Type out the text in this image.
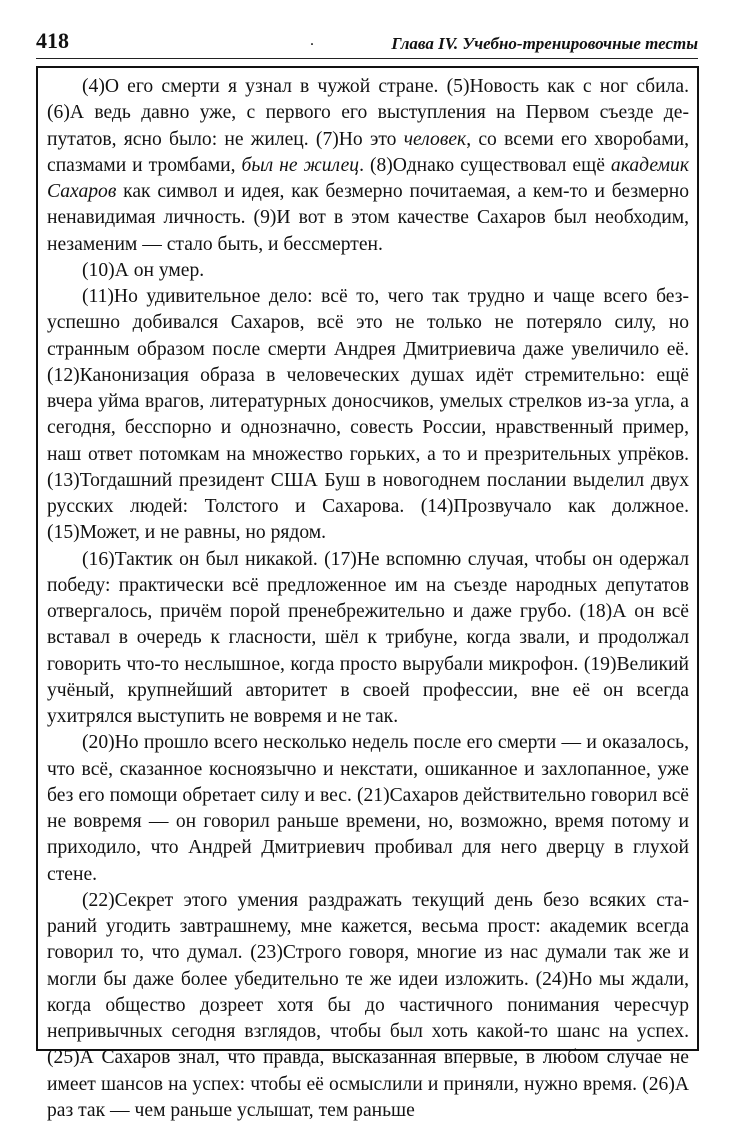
418	.	Глава IV. Учебно-тренировочные тесты

(4)О его смерти я узнал в чужой стране. (5)Новость как с ног сбила. (6)А ведь давно уже, с первого его выступления на Первом съезде депутатов, ясно было: не жилец. (7)Но это человек, со всеми его хворобами, спазмами и тромбами, был не жилец. (8)Однако существовал ещё академик Сахаров как символ и идея, как безмерно почитаемая, а кем-то и безмерно ненавидимая личность. (9)И вот в этом качестве Сахаров был необходим, незаменим — стало быть, и бессмертен.

(10)А он умер.

(11)Но удивительное дело: всё то, чего так трудно и чаще всего безуспешно добивался Сахаров, всё это не только не потеряло силу, но странным образом после смерти Андрея Дмитриевича даже увеличило её. (12)Канонизация образа в человеческих душах идёт стремительно: ещё вчера уйма врагов, литературных доносчиков, умелых стрелков из-за угла, а сегодня, бесспорно и однозначно, совесть России, нравственный пример, наш ответ потомкам на множество горьких, а то и презрительных упрёков. (13)Тогдашний президент США Буш в новогоднем послании выделил двух русских людей: Толстого и Сахарова. (14)Прозвучало как должное. (15)Может, и не равны, но рядом.

(16)Тактик он был никакой. (17)Не вспомню случая, чтобы он одержал победу: практически всё предложенное им на съезде народных депутатов отвергалось, причём порой пренебрежительно и даже грубо. (18)А он всё вставал в очередь к гласности, шёл к трибуне, когда звали, и продолжал говорить что-то неслышное, когда просто вырубали микрофон. (19)Великий учёный, крупнейший авторитет в своей профессии, вне её он всегда ухитрялся выступить не вовремя и не так.

(20)Но прошло всего несколько недель после его смерти — и оказалось, что всё, сказанное косноязычно и некстати, ошиканное и захлопанное, уже без его помощи обретает силу и вес. (21)Сахаров действительно говорил всё не вовремя — он говорил раньше времени, но, возможно, время потому и приходило, что Андрей Дмитриевич пробивал для него дверцу в глухой стене.

(22)Секрет этого умения раздражать текущий день безо всяких стараний угодить завтрашнему, мне кажется, весьма прост: академик всегда говорил то, что думал. (23)Строго говоря, многие из нас думали так же и могли бы даже более убедительно те же идеи изложить. (24)Но мы ждали, когда общество дозреет хотя бы до частичного понимания чересчур непривычных сегодня взглядов, чтобы был хоть какой-то шанс на успех. (25)А Сахаров знал, что правда, высказанная впервые, в любом случае не имеет шансов на успех: чтобы её осмыслили и приняли, нужно время. (26)А раз так — чем раньше услышат, тем раньше
